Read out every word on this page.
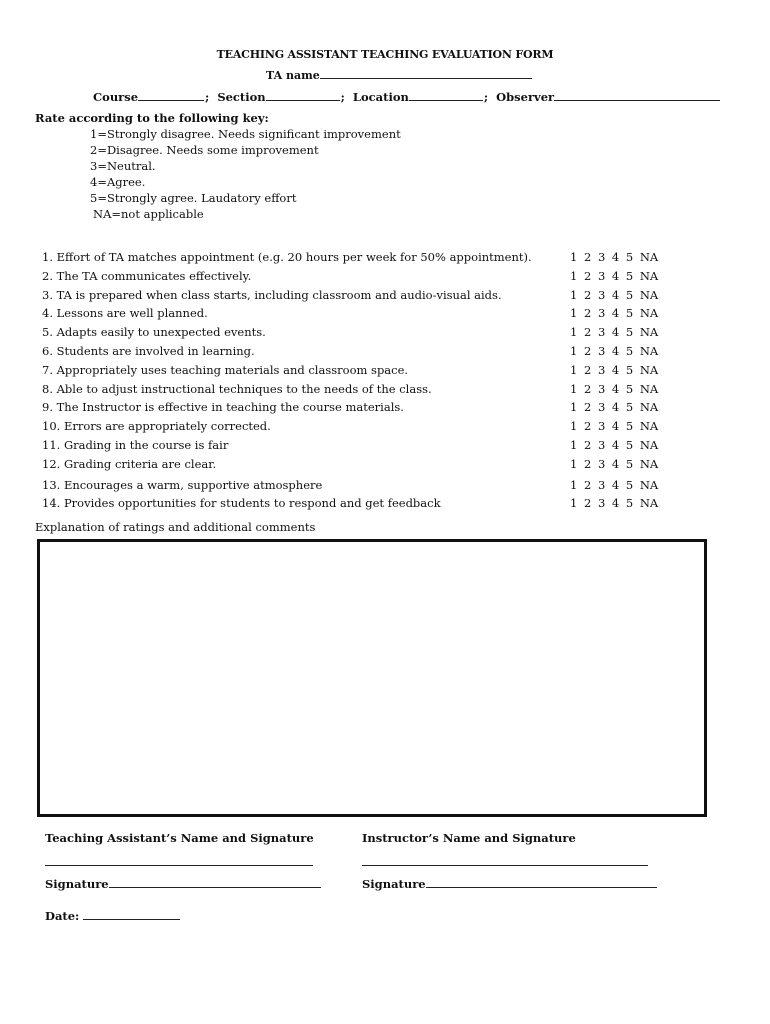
TEACHING ASSISTANT TEACHING EVALUATION FORM
TA name
Course	; Section	; Location	; Observer
Rate according to the following key:
1=Strongly disagree. Needs significant improvement
2=Disagree. Needs some improvement
3=Neutral.
4=Agree.
5=Strongly agree. Laudatory effort
NA=not applicable
1. Effort of TA matches appointment (e.g. 20 hours per week for 50% appointment).	1 2 3 4 5 NA
2. The TA communicates effectively.	1 2 3 4 5 NA
3. TA is prepared when class starts, including classroom and audio-visual aids.	1 2 3 4 5 NA
4. Lessons are well planned.	1 2 3 4 5 NA
5. Adapts easily to unexpected events.	1 2 3 4 5 NA
6. Students are involved in learning.	1 2 3 4 5 NA
7. Appropriately uses teaching materials and classroom space.	1 2 3 4 5 NA
8. Able to adjust instructional techniques to the needs of the class.	1 2 3 4 5 NA
9. The Instructor is effective in teaching the course materials.	1 2 3 4 5 NA
10. Errors are appropriately corrected.	1 2 3 4 5 NA
11. Grading in the course is fair	1 2 3 4 5 NA
12. Grading criteria are clear.	1 2 3 4 5 NA
13. Encourages a warm, supportive atmosphere	1 2 3 4 5 NA
14. Provides opportunities for students to respond and get feedback	1 2 3 4 5 NA
Explanation of ratings and additional comments
Teaching Assistant’s Name and Signature	Instructor’s Name and Signature
Signature	Signature
Date:
